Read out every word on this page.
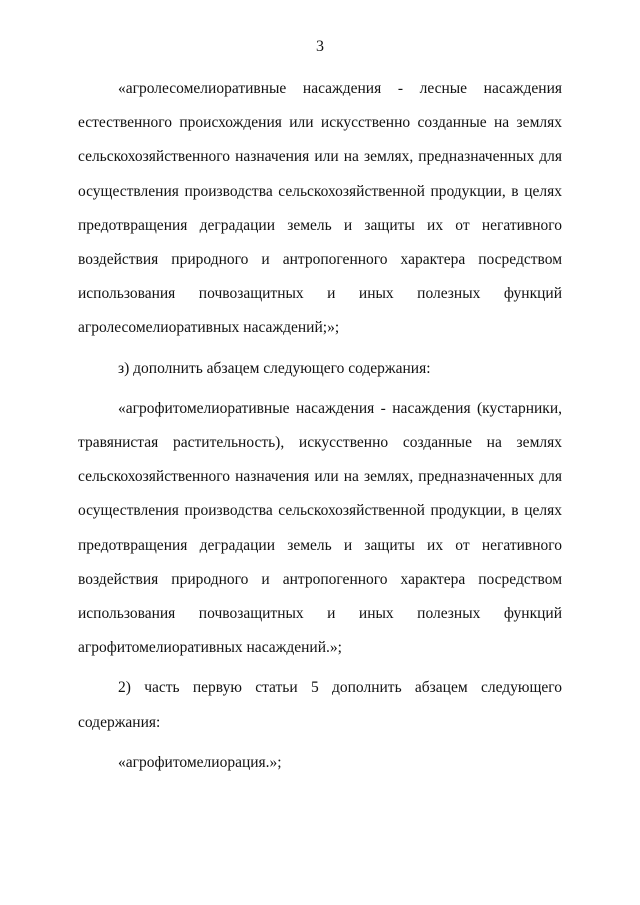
3

«агролесомелиоративные насаждения - лесные насаждения естественного происхождения или искусственно созданные на землях сельскохозяйственного назначения или на землях, предназначенных для осуществления производства сельскохозяйственной продукции, в целях предотвращения деградации земель и защиты их от негативного воздействия природного и антропогенного характера посредством использования почвозащитных и иных полезных функций агролесомелиоративных насаждений;»;

з) дополнить абзацем следующего содержания:

«агрофитомелиоративные насаждения - насаждения (кустарники, травянистая растительность), искусственно созданные на землях сельскохозяйственного назначения или на землях, предназначенных для осуществления производства сельскохозяйственной продукции, в целях предотвращения деградации земель и защиты их от негативного воздействия природного и антропогенного характера посредством использования почвозащитных и иных полезных функций агрофитомелиоративных насаждений.»;

2) часть первую статьи 5 дополнить абзацем следующего содержания:

«агрофитомелиорация.»;
